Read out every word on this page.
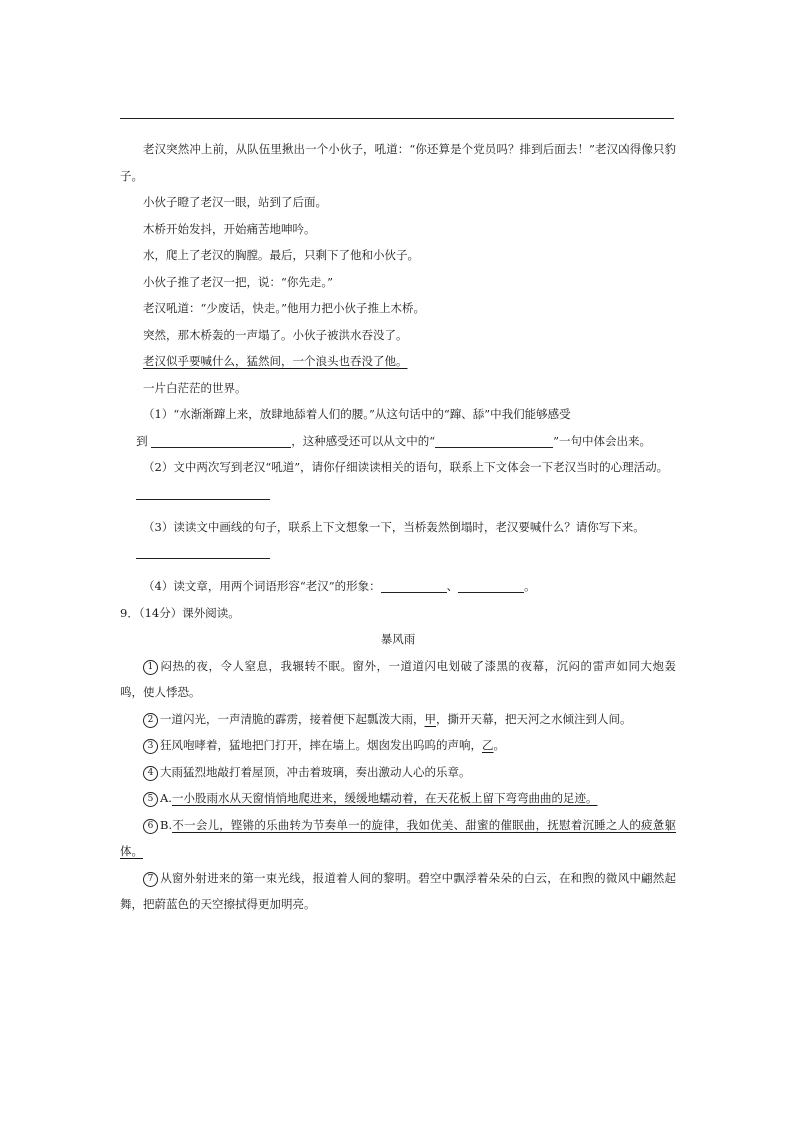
老汉突然冲上前，从队伍里揪出一个小伙子，吼道：“你还算是个党员吗？排到后面去！”老汉凶得像只豹子。

小伙子瞪了老汉一眼，站到了后面。

木桥开始发抖，开始痛苦地呻吟。

水，爬上了老汉的胸膛。最后，只剩下了他和小伙子。

小伙子推了老汉一把，说：“你先走。”

老汉吼道：“少废话，快走。”他用力把小伙子推上木桥。

突然，那木桥轰的一声塌了。小伙子被洪水吞没了。

老汉似乎要喊什么，猛然间，一个浪头也吞没了他。

一片白茫茫的世界。

（1）“水渐渐蹿上来，放肆地舔着人们的腰。”从这句话中的“蹿、舔”中我们能够感受

到	，这种感受还可以从文中的“	”一句中体会出来。

（2）文中两次写到老汉“吼道”，请你仔细读读相关的语句，联系上下文体会一下老汉当时的心理活动。

（3）读读文中画线的句子，联系上下文想象一下，当桥轰然倒塌时，老汉要喊什么？请你写下来。

（4）读文章，用两个词语形容“老汉”的形象：	、	。

9．（14分）课外阅读。

暴风雨

1 闷热的夜，令人窒息，我辗转不眠。窗外，一道道闪电划破了漆黑的夜幕，沉闷的雷声如同大炮轰鸣，使人悸恐。

2 一道闪光，一声清脆的霹雳，接着便下起瓢泼大雨，甲，撕开天幕，把天河之水倾注到人间。

3 狂风咆哮着，猛地把门打开，摔在墙上。烟囱发出呜呜的声响，乙。

4 大雨猛烈地敲打着屋顶，冲击着玻璃，奏出激动人心的乐章。

5 A.一小股雨水从天窗悄悄地爬进来，缓缓地蠕动着，在天花板上留下弯弯曲曲的足迹。

6 B.不一会儿，铿锵的乐曲转为节奏单一的旋律，我如优美、甜蜜的催眠曲，抚慰着沉睡之人的疲惫躯体。

7 从窗外射进来的第一束光线，报道着人间的黎明。碧空中飘浮着朵朵的白云，在和煦的微风中翩然起舞，把蔚蓝色的天空擦拭得更加明亮。
